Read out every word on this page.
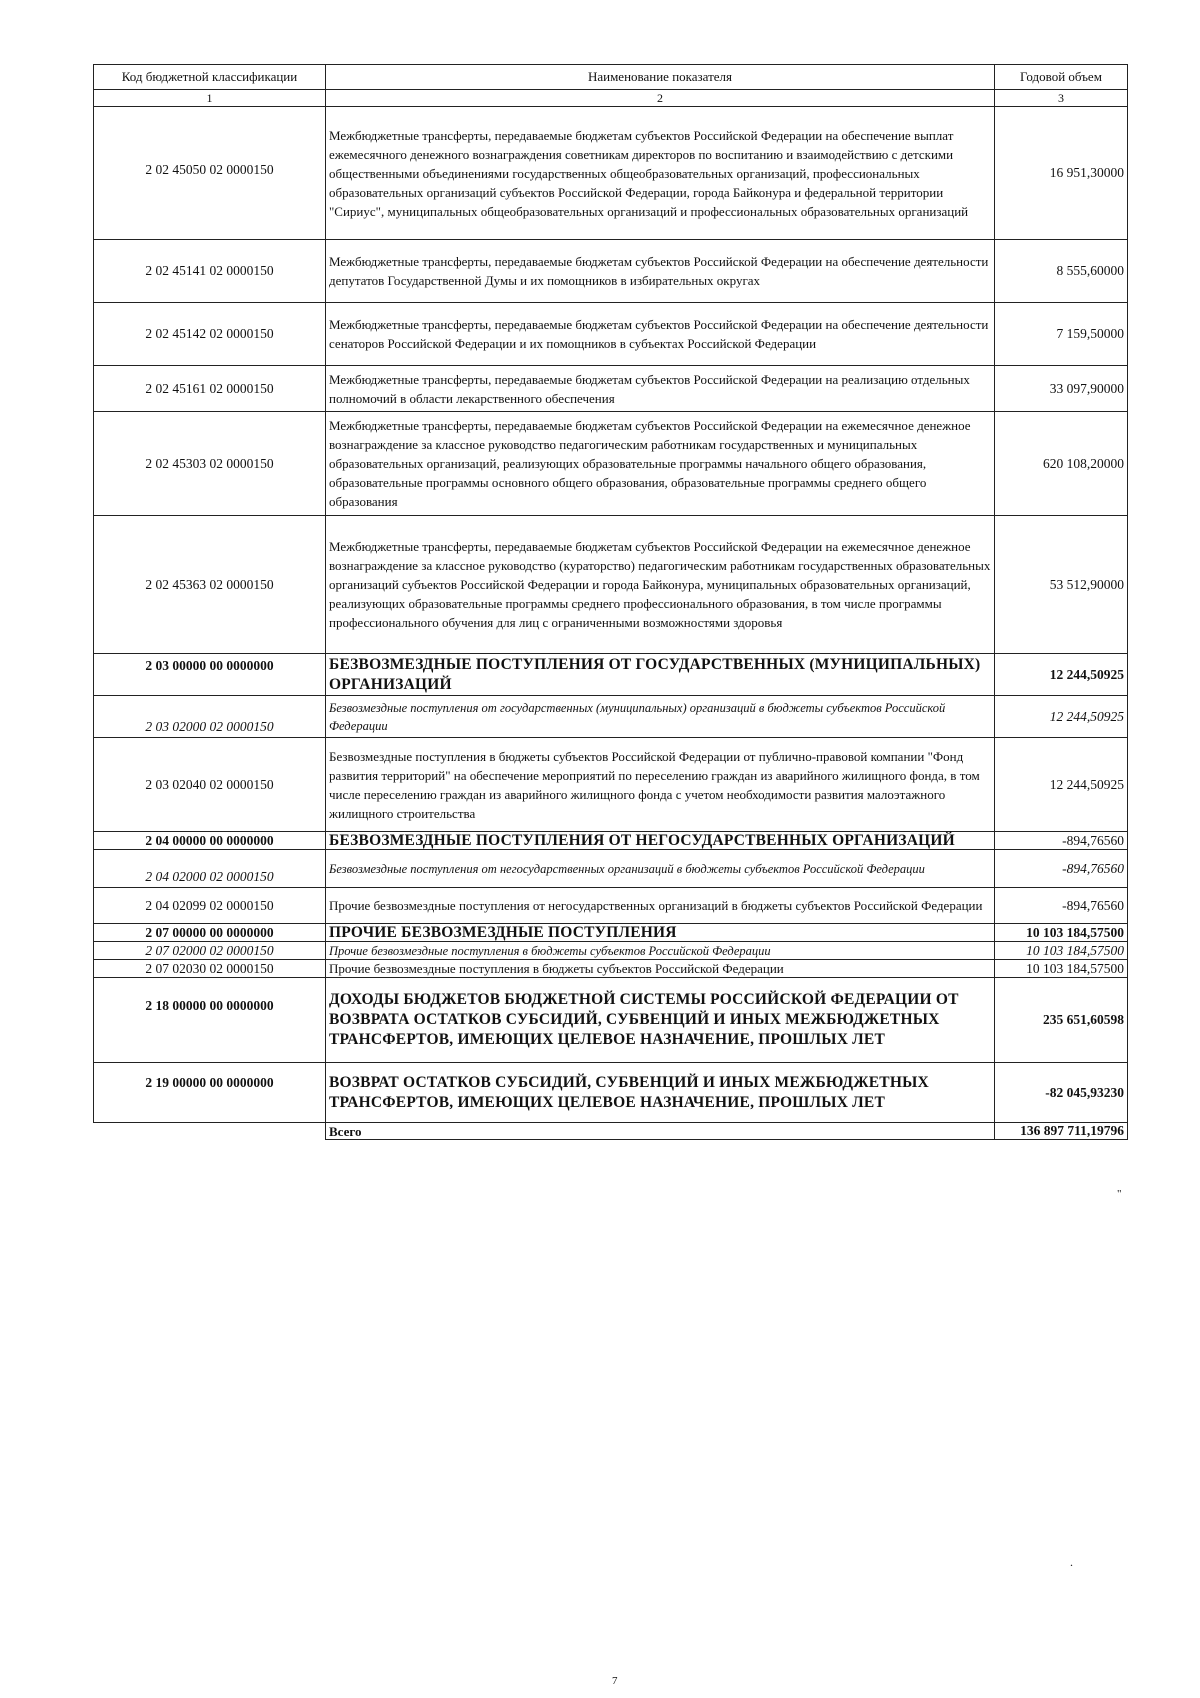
Код бюджетной классификации	Наименование показателя	Годовой объем
1	2	3
2 02 45050 02 0000150	Межбюджетные трансферты, передаваемые бюджетам субъектов Российской Федерации на обеспечение выплат ежемесячного денежного вознаграждения советникам директоров по воспитанию и взаимодействию с детскими общественными объединениями государственных общеобразовательных организаций, профессиональных образовательных организаций субъектов Российской Федерации, города Байконура и федеральной территории "Сириус", муниципальных общеобразовательных организаций и профессиональных образовательных организаций	16 951,30000
2 02 45141 02 0000150	Межбюджетные трансферты, передаваемые бюджетам субъектов Российской Федерации на обеспечение деятельности депутатов Государственной Думы и их помощников в избирательных округах	8 555,60000
2 02 45142 02 0000150	Межбюджетные трансферты, передаваемые бюджетам субъектов Российской Федерации на обеспечение деятельности сенаторов Российской Федерации и их помощников в субъектах Российской Федерации	7 159,50000
2 02 45161 02 0000150	Межбюджетные трансферты, передаваемые бюджетам субъектов Российской Федерации на реализацию отдельных полномочий в области лекарственного обеспечения	33 097,90000
2 02 45303 02 0000150	Межбюджетные трансферты, передаваемые бюджетам субъектов Российской Федерации на ежемесячное денежное вознаграждение за классное руководство педагогическим работникам государственных и муниципальных образовательных организаций, реализующих образовательные программы начального общего образования, образовательные программы основного общего образования, образовательные программы среднего общего образования	620 108,20000
2 02 45363 02 0000150	Межбюджетные трансферты, передаваемые бюджетам субъектов Российской Федерации на ежемесячное денежное вознаграждение за классное руководство (кураторство) педагогическим работникам государственных образовательных организаций субъектов Российской Федерации и города Байконура, муниципальных образовательных организаций, реализующих образовательные программы среднего профессионального образования, в том числе программы профессионального обучения для лиц с ограниченными возможностями здоровья	53 512,90000
2 03 00000 00 0000000	БЕЗВОЗМЕЗДНЫЕ ПОСТУПЛЕНИЯ ОТ ГОСУДАРСТВЕННЫХ (МУНИЦИПАЛЬНЫХ) ОРГАНИЗАЦИЙ	12 244,50925
2 03 02000 02 0000150	Безвозмездные поступления от государственных (муниципальных) организаций в бюджеты субъектов Российской Федерации	12 244,50925
2 03 02040 02 0000150	Безвозмездные поступления в бюджеты субъектов Российской Федерации от публично-правовой компании "Фонд развития территорий" на обеспечение мероприятий по переселению граждан из аварийного жилищного фонда, в том числе переселению граждан из аварийного жилищного фонда с учетом необходимости развития малоэтажного жилищного строительства	12 244,50925
2 04 00000 00 0000000	БЕЗВОЗМЕЗДНЫЕ ПОСТУПЛЕНИЯ ОТ НЕГОСУДАРСТВЕННЫХ ОРГАНИЗАЦИЙ	-894,76560
2 04 02000 02 0000150	Безвозмездные поступления от негосударственных организаций в бюджеты субъектов Российской Федерации	-894,76560
2 04 02099 02 0000150	Прочие безвозмездные поступления от негосударственных организаций в бюджеты субъектов Российской Федерации	-894,76560
2 07 00000 00 0000000	ПРОЧИЕ БЕЗВОЗМЕЗДНЫЕ ПОСТУПЛЕНИЯ	10 103 184,57500
2 07 02000 02 0000150	Прочие безвозмездные поступления в бюджеты субъектов Российской Федерации	10 103 184,57500
2 07 02030 02 0000150	Прочие безвозмездные поступления в бюджеты субъектов Российской Федерации	10 103 184,57500
2 18 00000 00 0000000	ДОХОДЫ БЮДЖЕТОВ БЮДЖЕТНОЙ СИСТЕМЫ РОССИЙСКОЙ ФЕДЕРАЦИИ ОТ ВОЗВРАТА ОСТАТКОВ СУБСИДИЙ, СУБВЕНЦИЙ И ИНЫХ МЕЖБЮДЖЕТНЫХ ТРАНСФЕРТОВ, ИМЕЮЩИХ ЦЕЛЕВОЕ НАЗНАЧЕНИЕ, ПРОШЛЫХ ЛЕТ	235 651,60598
2 19 00000 00 0000000	ВОЗВРАТ ОСТАТКОВ СУБСИДИЙ, СУБВЕНЦИЙ И ИНЫХ МЕЖБЮДЖЕТНЫХ ТРАНСФЕРТОВ, ИМЕЮЩИХ ЦЕЛЕВОЕ НАЗНАЧЕНИЕ, ПРОШЛЫХ ЛЕТ	-82 045,93230
	Всего	136 897 711,19796
"
.
7
